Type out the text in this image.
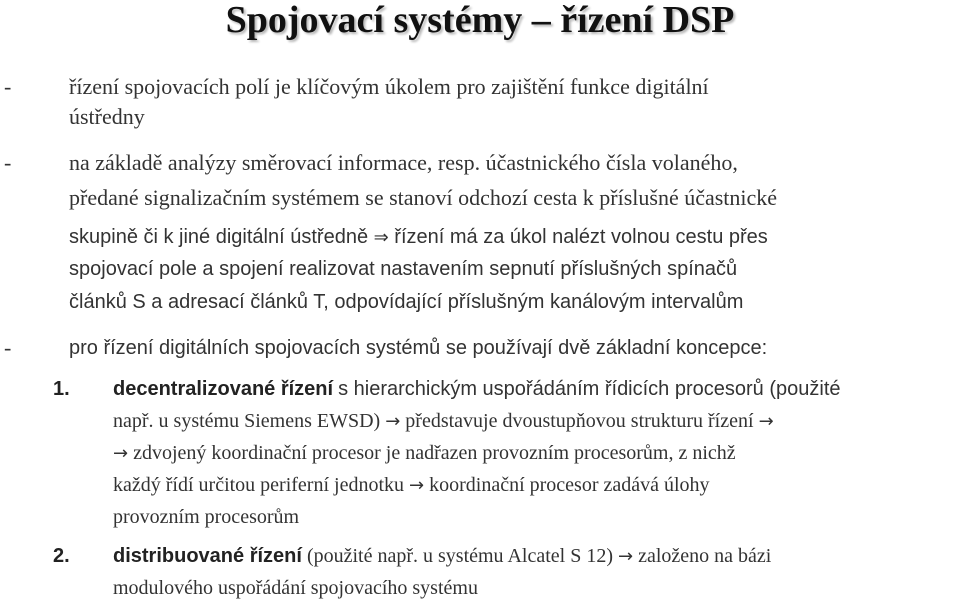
Spojovací systémy – řízení DSP
-	řízení spojovacích polí je klíčovým úkolem pro zajištění funkce digitální
ústředny
-	na základě analýzy směrovací informace, resp. účastnického čísla volaného,
předané signalizačním systémem se stanoví odchozí cesta k příslušné účastnické
skupině či k jiné digitální ústředně ⇒ řízení má za úkol nalézt volnou cestu přes
spojovací pole a spojení realizovat nastavením sepnutí příslušných spínačů
článků S a adresací článků T, odpovídající příslušným kanálovým intervalům
-	pro řízení digitálních spojovacích systémů se používají dvě základní koncepce:
1. decentralizované řízení s hierarchickým uspořádáním řídicích procesorů (použité
např. u systému Siemens EWSD) → představuje dvoustupňovou strukturu řízení →
→ zdvojený koordinační procesor je nadřazen provozním procesorům, z nichž
každý řídí určitou periferní jednotku → koordinační procesor zadává úlohy
provozním procesorům
2. distribuované řízení (použité např. u systému Alcatel S 12) → založeno na bázi
modulového uspořádání spojovacího systému
